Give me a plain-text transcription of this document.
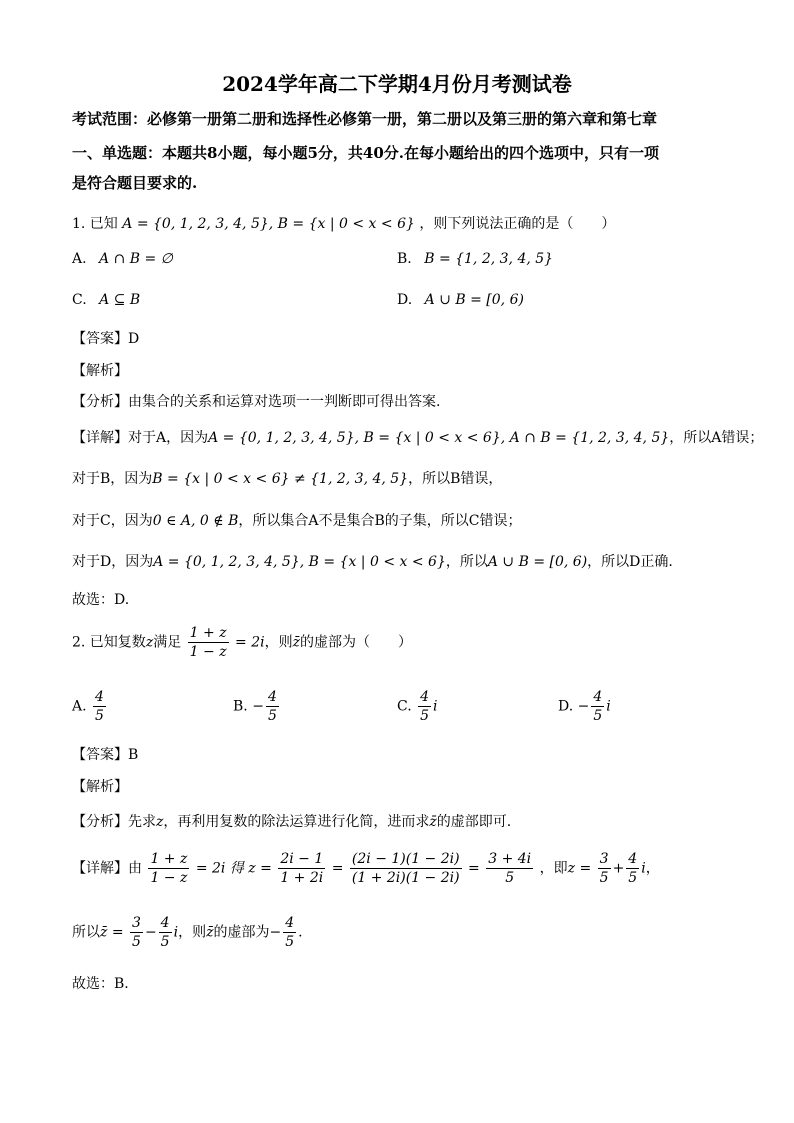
2024学年高二下学期4月份月考测试卷
考试范围：必修第一册第二册和选择性必修第一册，第二册以及第三册的第六章和第七章
一、单选题：本题共8小题，每小题5分，共40分.在每小题给出的四个选项中，只有一项
是符合题目要求的.
1. 已知 A = {0, 1, 2, 3, 4, 5}, B = {x | 0 < x < 6} ，则下列说法正确的是（　　）
A. A ∩ B = ∅	B. B = {1, 2, 3, 4, 5}
C. A ⊆ B	D. A ∪ B = [0, 6)
【答案】D
【解析】
【分析】由集合的关系和运算对选项一一判断即可得出答案.
【详解】对于A，因为A = {0, 1, 2, 3, 4, 5}, B = {x | 0 < x < 6}, A ∩ B = {1, 2, 3, 4, 5}，所以A错误；
对于B，因为B = {x | 0 < x < 6} ≠ {1, 2, 3, 4, 5}，所以B错误，
对于C，因为0 ∈ A, 0 ∉ B，所以集合A不是集合B的子集，所以C错误；
对于D，因为A = {0, 1, 2, 3, 4, 5}, B = {x | 0 < x < 6}，所以A ∪ B = [0, 6)，所以D正确.
故选：D.
2. 已知复数z满足 $\frac{1 + z}{1 - z} = 2i$，则z̄的虚部为（　　）
A. $\frac{4}{5}$	B. − $\frac{4}{5}$	C. $\frac{4}{5}$ i	D. − $\frac{4}{5}$ i
【答案】B
【解析】
【分析】先求z，再利用复数的除法运算进行化简，进而求z̄的虚部即可.
【详解】由 $\frac{1 + z}{1 - z} = 2i$ 得 $z = \frac{2i - 1}{1 + 2i} = \frac{(2i - 1)(1 - 2i)}{(1 + 2i)(1 - 2i)} = \frac{3 + 4i}{5}$ ，即$z = \frac{3}{5} + \frac{4}{5}$ i，
所以z̄ = $\frac{3}{5} - \frac{4}{5}$ i，则z̄的虚部为− $\frac{4}{5}$ .
故选：B.
